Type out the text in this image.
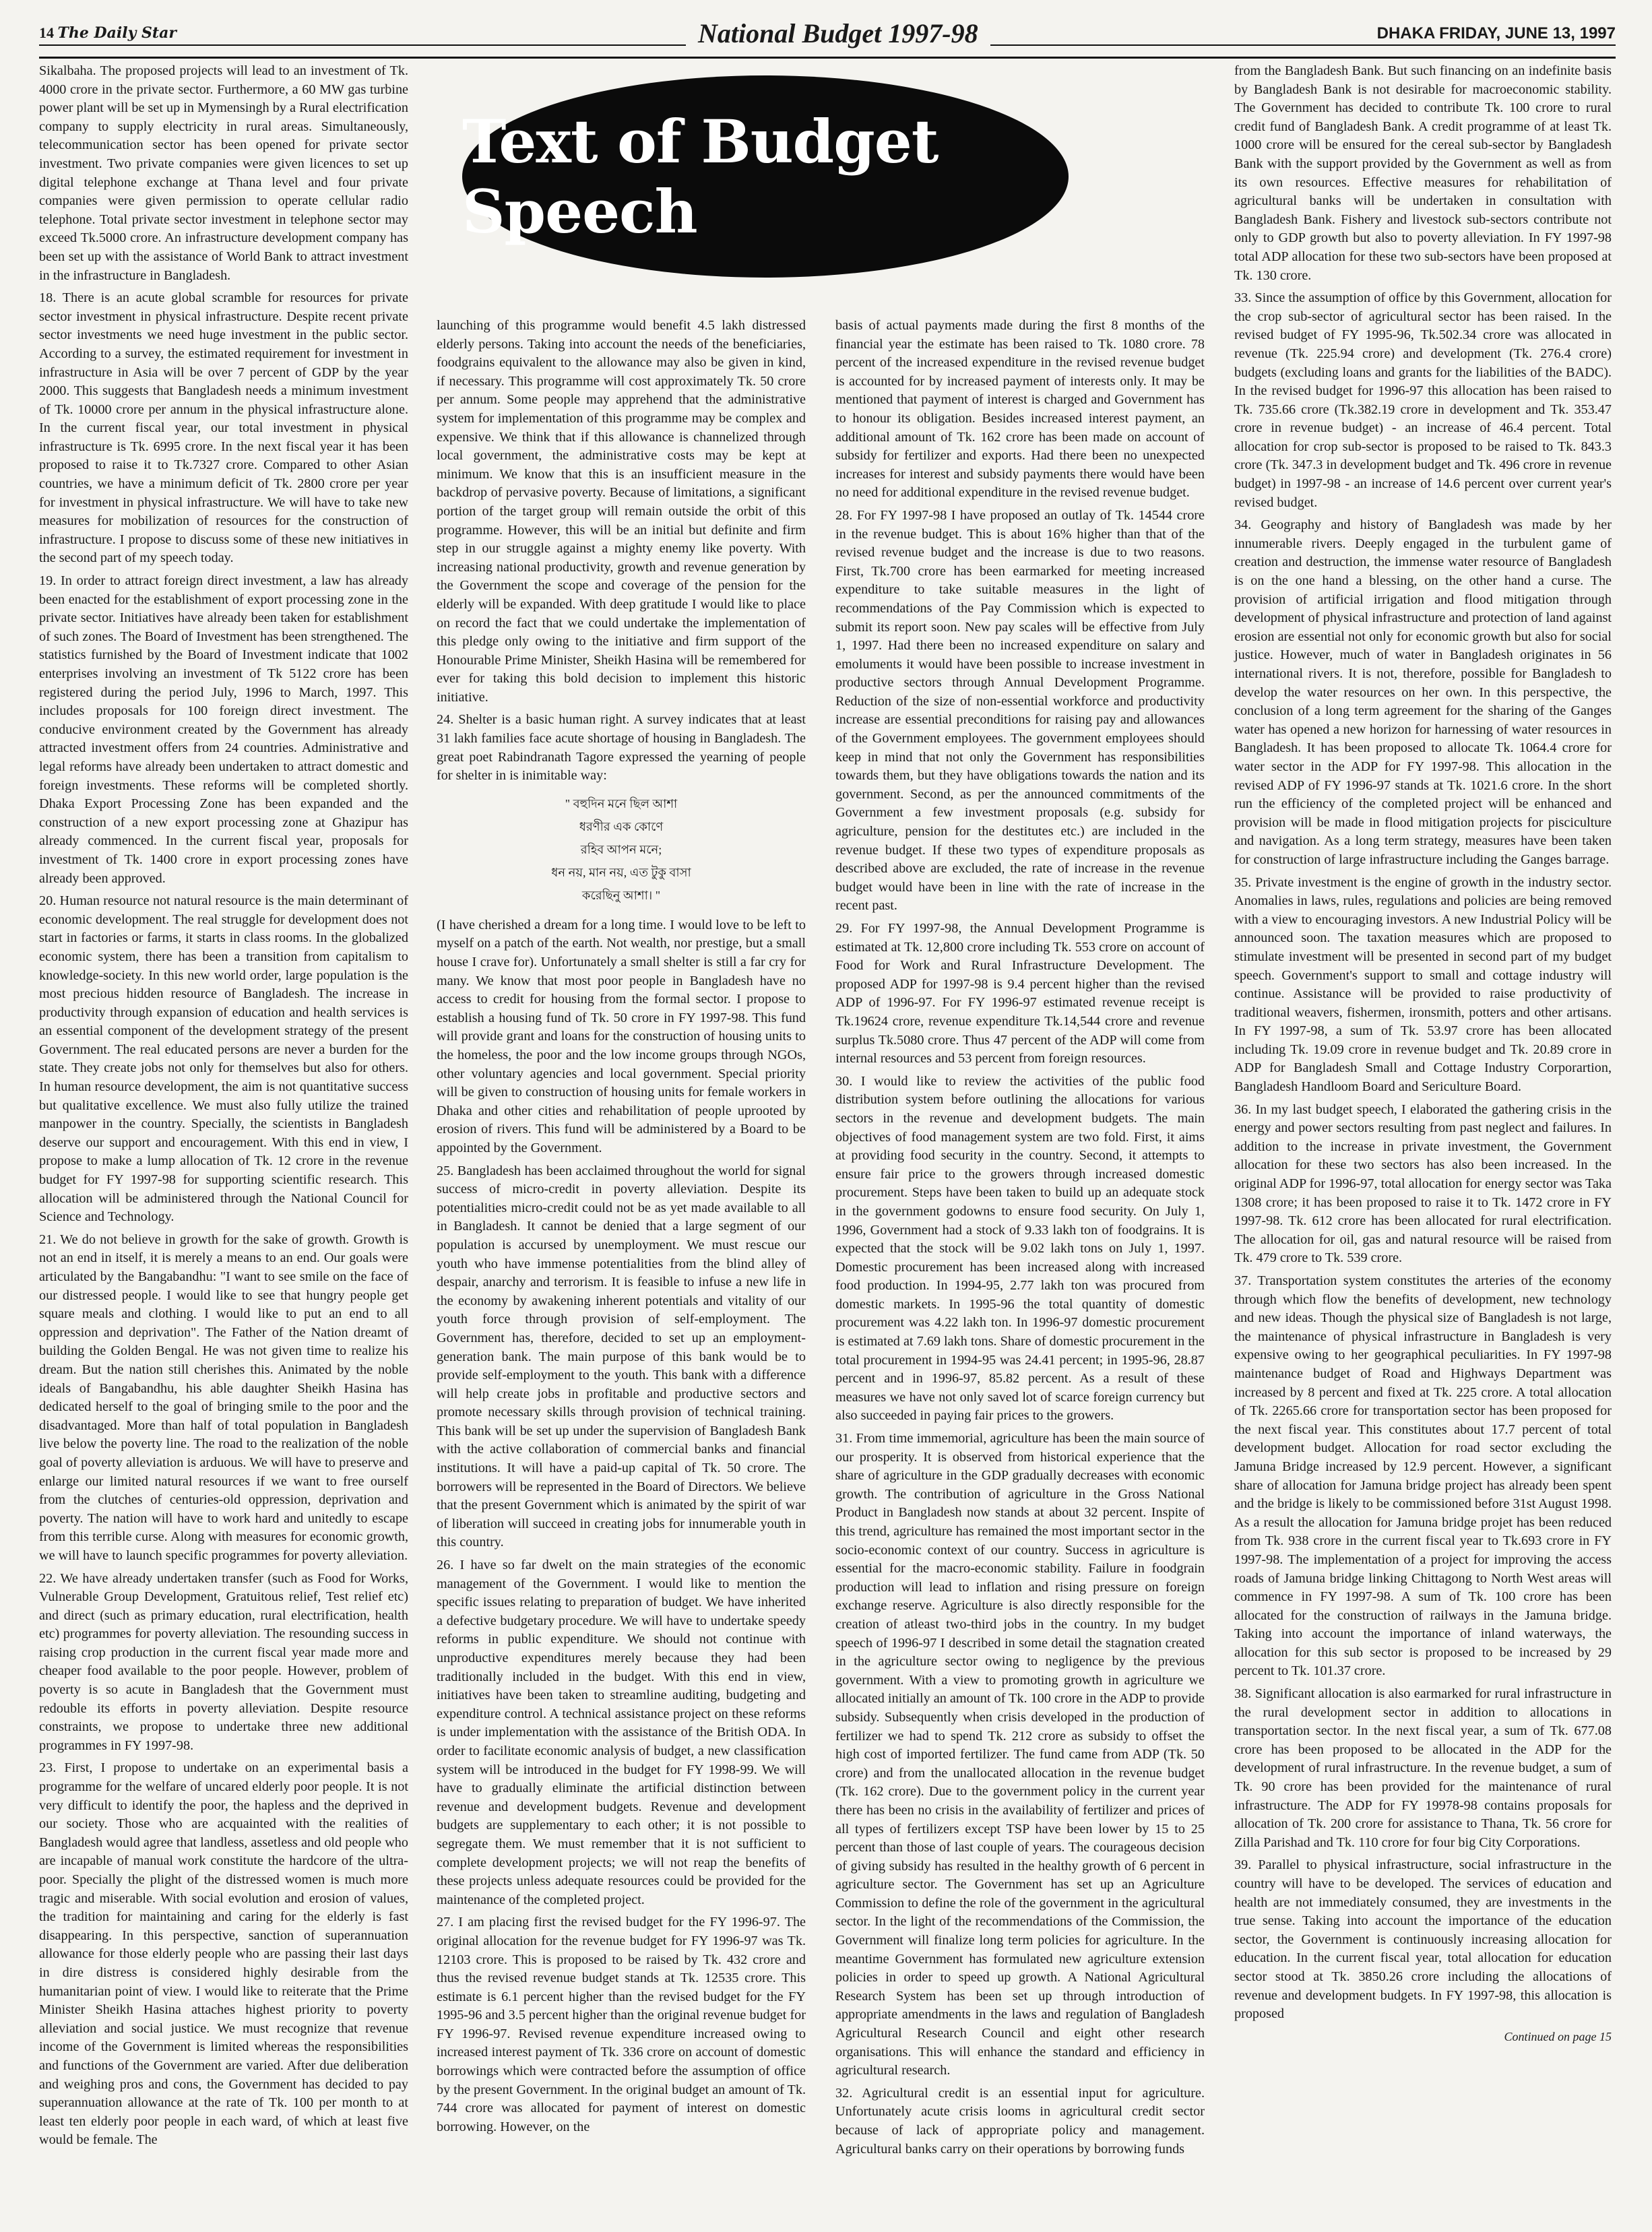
14 The Daily Star	National Budget 1997-98	DHAKA FRIDAY, JUNE 13, 1997
Text of Budget Speech

Sikalbaha. The proposed projects will lead to an investment of Tk. 4000 crore in the private sector. Furthermore, a 60 MW gas turbine power plant will be set up in Mymensingh by a Rural electrification company to supply electricity in rural areas. Simultaneously, telecommunication sector has been opened for private sector investment. Two private companies were given licences to set up digital telephone exchange at Thana level and four private companies were given permission to operate cellular radio telephone. Total private sector investment in telephone sector may exceed Tk.5000 crore. An infrastructure development company has been set up with the assistance of World Bank to attract investment in the infrastructure in Bangladesh.

18. There is an acute global scramble for resources for private sector investment in physical infrastructure. Despite recent private sector investments we need huge investment in the public sector. According to a survey, the estimated requirement for investment in infrastructure in Asia will be over 7 percent of GDP by the year 2000. This suggests that Bangladesh needs a minimum investment of Tk. 10000 crore per annum in the physical infrastructure alone. In the current fiscal year, our total investment in physical infrastructure is Tk. 6995 crore. In the next fiscal year it has been proposed to raise it to Tk.7327 crore. Compared to other Asian countries, we have a minimum deficit of Tk. 2800 crore per year for investment in physical infrastructure. We will have to take new measures for mobilization of resources for the construction of infrastructure. I propose to discuss some of these new initiatives in the second part of my speech today.

19. In order to attract foreign direct investment, a law has already been enacted for the establishment of export processing zone in the private sector. Initiatives have already been taken for establishment of such zones. The Board of Investment has been strengthened. The statistics furnished by the Board of Investment indicate that 1002 enterprises involving an investment of Tk 5122 crore has been registered during the period July, 1996 to March, 1997. This includes proposals for 100 foreign direct investment. The conducive environment created by the Government has already attracted investment offers from 24 countries. Administrative and legal reforms have already been undertaken to attract domestic and foreign investments. These reforms will be completed shortly. Dhaka Export Processing Zone has been expanded and the construction of a new export processing zone at Ghazipur has already commenced. In the current fiscal year, proposals for investment of Tk. 1400 crore in export processing zones have already been approved.

20. Human resource not natural resource is the main determinant of economic development. The real struggle for development does not start in factories or farms, it starts in class rooms. In the globalized economic system, there has been a transition from capitalism to knowledge-society. In this new world order, large population is the most precious hidden resource of Bangladesh. The increase in productivity through expansion of education and health services is an essential component of the development strategy of the present Government. The real educated persons are never a burden for the state. They create jobs not only for themselves but also for others. In human resource development, the aim is not quantitative success but qualitative excellence. We must also fully utilize the trained manpower in the country. Specially, the scientists in Bangladesh deserve our support and encouragement. With this end in view, I propose to make a lump allocation of Tk. 12 crore in the revenue budget for FY 1997-98 for supporting scientific research. This allocation will be administered through the National Council for Science and Technology.

21. We do not believe in growth for the sake of growth. Growth is not an end in itself, it is merely a means to an end. Our goals were articulated by the Bangabandhu: "I want to see smile on the face of our distressed people. I would like to see that hungry people get square meals and clothing. I would like to put an end to all oppression and deprivation". The Father of the Nation dreamt of building the Golden Bengal. He was not given time to realize his dream. But the nation still cherishes this. Animated by the noble ideals of Bangabandhu, his able daughter Sheikh Hasina has dedicated herself to the goal of bringing smile to the poor and the disadvantaged. More than half of total population in Bangladesh live below the poverty line. The road to the realization of the noble goal of poverty alleviation is arduous. We will have to preserve and enlarge our limited natural resources if we want to free ourself from the clutches of centuries-old oppression, deprivation and poverty. The nation will have to work hard and unitedly to escape from this terrible curse. Along with measures for economic growth, we will have to launch specific programmes for poverty alleviation.

22. We have already undertaken transfer (such as Food for Works, Vulnerable Group Development, Gratuitous relief, Test relief etc) and direct (such as primary education, rural electrification, health etc) programmes for poverty alleviation. The resounding success in raising crop production in the current fiscal year made more and cheaper food available to the poor people. However, problem of poverty is so acute in Bangladesh that the Government must redouble its efforts in poverty alleviation. Despite resource constraints, we propose to undertake three new additional programmes in FY 1997-98.

23. First, I propose to undertake on an experimental basis a programme for the welfare of uncared elderly poor people. It is not very difficult to identify the poor, the hapless and the deprived in our society. Those who are acquainted with the realities of Bangladesh would agree that landless, assetless and old people who are incapable of manual work constitute the hardcore of the ultra-poor. Specially the plight of the distressed women is much more tragic and miserable. With social evolution and erosion of values, the tradition for maintaining and caring for the elderly is fast disappearing. In this perspective, sanction of superannuation allowance for those elderly people who are passing their last days in dire distress is considered highly desirable from the humanitarian point of view. I would like to reiterate that the Prime Minister Sheikh Hasina attaches highest priority to poverty alleviation and social justice. We must recognize that revenue income of the Government is limited whereas the responsibilities and functions of the Government are varied. After due deliberation and weighing pros and cons, the Government has decided to pay superannuation allowance at the rate of Tk. 100 per month to at least ten elderly poor people in each ward, of which at least five would be female. The

launching of this programme would benefit 4.5 lakh distressed elderly persons. Taking into account the needs of the beneficiaries, foodgrains equivalent to the allowance may also be given in kind, if necessary. This programme will cost approximately Tk. 50 crore per annum. Some people may apprehend that the administrative system for implementation of this programme may be complex and expensive. We think that if this allowance is channelized through local government, the administrative costs may be kept at minimum. We know that this is an insufficient measure in the backdrop of pervasive poverty. Because of limitations, a significant portion of the target group will remain outside the orbit of this programme. However, this will be an initial but definite and firm step in our struggle against a mighty enemy like poverty. With increasing national productivity, growth and revenue generation by the Government the scope and coverage of the pension for the elderly will be expanded. With deep gratitude I would like to place on record the fact that we could undertake the implementation of this pledge only owing to the initiative and firm support of the Honourable Prime Minister, Sheikh Hasina will be remembered for ever for taking this bold decision to implement this historic initiative.

24. Shelter is a basic human right. A survey indicates that at least 31 lakh families face acute shortage of housing in Bangladesh. The great poet Rabindranath Tagore expressed the yearning of people for shelter in is inimitable way:

" বহুদিন মনে ছিল আশা
ধরণীর এক কোণে
রহিব আপন মনে;
ধন নয়, মান নয়, এত টুকু বাসা
করেছিনু আশা। "

(I have cherished a dream for a long time. I would love to be left to myself on a patch of the earth. Not wealth, nor prestige, but a small house I crave for). Unfortunately a small shelter is still a far cry for many. We know that most poor people in Bangladesh have no access to credit for housing from the formal sector. I propose to establish a housing fund of Tk. 50 crore in FY 1997-98. This fund will provide grant and loans for the construction of housing units to the homeless, the poor and the low income groups through NGOs, other voluntary agencies and local government. Special priority will be given to construction of housing units for female workers in Dhaka and other cities and rehabilitation of people uprooted by erosion of rivers. This fund will be administered by a Board to be appointed by the Government.

25. Bangladesh has been acclaimed throughout the world for signal success of micro-credit in poverty alleviation. Despite its potentialities micro-credit could not be as yet made available to all in Bangladesh. It cannot be denied that a large segment of our population is accursed by unemployment. We must rescue our youth who have immense potentialities from the blind alley of despair, anarchy and terrorism. It is feasible to infuse a new life in the economy by awakening inherent potentials and vitality of our youth force through provision of self-employment. The Government has, therefore, decided to set up an employment-generation bank. The main purpose of this bank would be to provide self-employment to the youth. This bank with a difference will help create jobs in profitable and productive sectors and promote necessary skills through provision of technical training. This bank will be set up under the supervision of Bangladesh Bank with the active collaboration of commercial banks and financial institutions. It will have a paid-up capital of Tk. 50 crore. The borrowers will be represented in the Board of Directors. We believe that the present Government which is animated by the spirit of war of liberation will succeed in creating jobs for innumerable youth in this country.

26. I have so far dwelt on the main strategies of the economic management of the Government. I would like to mention the specific issues relating to preparation of budget. We have inherited a defective budgetary procedure. We will have to undertake speedy reforms in public expenditure. We should not continue with unproductive expenditures merely because they had been traditionally included in the budget. With this end in view, initiatives have been taken to streamline auditing, budgeting and expenditure control. A technical assistance project on these reforms is under implementation with the assistance of the British ODA. In order to facilitate economic analysis of budget, a new classification system will be introduced in the budget for FY 1998-99. We will have to gradually eliminate the artificial distinction between revenue and development budgets. Revenue and development budgets are supplementary to each other; it is not possible to segregate them. We must remember that it is not sufficient to complete development projects; we will not reap the benefits of these projects unless adequate resources could be provided for the maintenance of the completed project.

27. I am placing first the revised budget for the FY 1996-97. The original allocation for the revenue budget for FY 1996-97 was Tk. 12103 crore. This is proposed to be raised by Tk. 432 crore and thus the revised revenue budget stands at Tk. 12535 crore. This estimate is 6.1 percent higher than the revised budget for the FY 1995-96 and 3.5 percent higher than the original revenue budget for FY 1996-97. Revised revenue expenditure increased owing to increased interest payment of Tk. 336 crore on account of domestic borrowings which were contracted before the assumption of office by the present Government. In the original budget an amount of Tk. 744 crore was allocated for payment of interest on domestic borrowing. However, on the

basis of actual payments made during the first 8 months of the financial year the estimate has been raised to Tk. 1080 crore. 78 percent of the increased expenditure in the revised revenue budget is accounted for by increased payment of interests only. It may be mentioned that payment of interest is charged and Government has to honour its obligation. Besides increased interest payment, an additional amount of Tk. 162 crore has been made on account of subsidy for fertilizer and exports. Had there been no unexpected increases for interest and subsidy payments there would have been no need for additional expenditure in the revised revenue budget.

28. For FY 1997-98 I have proposed an outlay of Tk. 14544 crore in the revenue budget. This is about 16% higher than that of the revised revenue budget and the increase is due to two reasons. First, Tk.700 crore has been earmarked for meeting increased expenditure to take suitable measures in the light of recommendations of the Pay Commission which is expected to submit its report soon. New pay scales will be effective from July 1, 1997. Had there been no increased expenditure on salary and emoluments it would have been possible to increase investment in productive sectors through Annual Development Programme. Reduction of the size of non-essential workforce and productivity increase are essential preconditions for raising pay and allowances of the Government employees. The government employees should keep in mind that not only the Government has responsibilities towards them, but they have obligations towards the nation and its government. Second, as per the announced commitments of the Government a few investment proposals (e.g. subsidy for agriculture, pension for the destitutes etc.) are included in the revenue budget. If these two types of expenditure proposals as described above are excluded, the rate of increase in the revenue budget would have been in line with the rate of increase in the recent past.

29. For FY 1997-98, the Annual Development Programme is estimated at Tk. 12,800 crore including Tk. 553 crore on account of Food for Work and Rural Infrastructure Development. The proposed ADP for 1997-98 is 9.4 percent higher than the revised ADP of 1996-97. For FY 1996-97 estimated revenue receipt is Tk.19624 crore, revenue expenditure Tk.14,544 crore and revenue surplus Tk.5080 crore. Thus 47 percent of the ADP will come from internal resources and 53 percent from foreign resources.

30. I would like to review the activities of the public food distribution system before outlining the allocations for various sectors in the revenue and development budgets. The main objectives of food management system are two fold. First, it aims at providing food security in the country. Second, it attempts to ensure fair price to the growers through increased domestic procurement. Steps have been taken to build up an adequate stock in the government godowns to ensure food security. On July 1, 1996, Government had a stock of 9.33 lakh ton of foodgrains. It is expected that the stock will be 9.02 lakh tons on July 1, 1997. Domestic procurement has been increased along with increased food production. In 1994-95, 2.77 lakh ton was procured from domestic markets. In 1995-96 the total quantity of domestic procurement was 4.22 lakh ton. In 1996-97 domestic procurement is estimated at 7.69 lakh tons. Share of domestic procurement in the total procurement in 1994-95 was 24.41 percent; in 1995-96, 28.87 percent and in 1996-97, 85.82 percent. As a result of these measures we have not only saved lot of scarce foreign currency but also succeeded in paying fair prices to the growers.

31. From time immemorial, agriculture has been the main source of our prosperity. It is observed from historical experience that the share of agriculture in the GDP gradually decreases with economic growth. The contribution of agriculture in the Gross National Product in Bangladesh now stands at about 32 percent. Inspite of this trend, agriculture has remained the most important sector in the socio-economic context of our country. Success in agriculture is essential for the macro-economic stability. Failure in foodgrain production will lead to inflation and rising pressure on foreign exchange reserve. Agriculture is also directly responsible for the creation of atleast two-third jobs in the country. In my budget speech of 1996-97 I described in some detail the stagnation created in the agriculture sector owing to negligence by the previous government. With a view to promoting growth in agriculture we allocated initially an amount of Tk. 100 crore in the ADP to provide subsidy. Subsequently when crisis developed in the production of fertilizer we had to spend Tk. 212 crore as subsidy to offset the high cost of imported fertilizer. The fund came from ADP (Tk. 50 crore) and from the unallocated allocation in the revenue budget (Tk. 162 crore). Due to the government policy in the current year there has been no crisis in the availability of fertilizer and prices of all types of fertilizers except TSP have been lower by 15 to 25 percent than those of last couple of years. The courageous decision of giving subsidy has resulted in the healthy growth of 6 percent in agriculture sector. The Government has set up an Agriculture Commission to define the role of the government in the agricultural sector. In the light of the recommendations of the Commission, the Government will finalize long term policies for agriculture. In the meantime Government has formulated new agriculture extension policies in order to speed up growth. A National Agricultural Research System has been set up through introduction of appropriate amendments in the laws and regulation of Bangladesh Agricultural Research Council and eight other research organisations. This will enhance the standard and efficiency in agricultural research.

32. Agricultural credit is an essential input for agriculture. Unfortunately acute crisis looms in agricultural credit sector because of lack of appropriate policy and management. Agricultural banks carry on their operations by borrowing funds

from the Bangladesh Bank. But such financing on an indefinite basis by Bangladesh Bank is not desirable for macroeconomic stability. The Government has decided to contribute Tk. 100 crore to rural credit fund of Bangladesh Bank. A credit programme of at least Tk. 1000 crore will be ensured for the cereal sub-sector by Bangladesh Bank with the support provided by the Government as well as from its own resources. Effective measures for rehabilitation of agricultural banks will be undertaken in consultation with Bangladesh Bank. Fishery and livestock sub-sectors contribute not only to GDP growth but also to poverty alleviation. In FY 1997-98 total ADP allocation for these two sub-sectors have been proposed at Tk. 130 crore.

33. Since the assumption of office by this Government, allocation for the crop sub-sector of agricultural sector has been raised. In the revised budget of FY 1995-96, Tk.502.34 crore was allocated in revenue (Tk. 225.94 crore) and development (Tk. 276.4 crore) budgets (excluding loans and grants for the liabilities of the BADC). In the revised budget for 1996-97 this allocation has been raised to Tk. 735.66 crore (Tk.382.19 crore in development and Tk. 353.47 crore in revenue budget) - an increase of 46.4 percent. Total allocation for crop sub-sector is proposed to be raised to Tk. 843.3 crore (Tk. 347.3 in development budget and Tk. 496 crore in revenue budget) in 1997-98 - an increase of 14.6 percent over current year's revised budget.

34. Geography and history of Bangladesh was made by her innumerable rivers. Deeply engaged in the turbulent game of creation and destruction, the immense water resource of Bangladesh is on the one hand a blessing, on the other hand a curse. The provision of artificial irrigation and flood mitigation through development of physical infrastructure and protection of land against erosion are essential not only for economic growth but also for social justice. However, much of water in Bangladesh originates in 56 international rivers. It is not, therefore, possible for Bangladesh to develop the water resources on her own. In this perspective, the conclusion of a long term agreement for the sharing of the Ganges water has opened a new horizon for harnessing of water resources in Bangladesh. It has been proposed to allocate Tk. 1064.4 crore for water sector in the ADP for FY 1997-98. This allocation in the revised ADP of FY 1996-97 stands at Tk. 1021.6 crore. In the short run the efficiency of the completed project will be enhanced and provision will be made in flood mitigation projects for pisciculture and navigation. As a long term strategy, measures have been taken for construction of large infrastructure including the Ganges barrage.

35. Private investment is the engine of growth in the industry sector. Anomalies in laws, rules, regulations and policies are being removed with a view to encouraging investors. A new Industrial Policy will be announced soon. The taxation measures which are proposed to stimulate investment will be presented in second part of my budget speech. Government's support to small and cottage industry will continue. Assistance will be provided to raise productivity of traditional weavers, fishermen, ironsmith, potters and other artisans. In FY 1997-98, a sum of Tk. 53.97 crore has been allocated including Tk. 19.09 crore in revenue budget and Tk. 20.89 crore in ADP for Bangladesh Small and Cottage Industry Corporartion, Bangladesh Handloom Board and Sericulture Board.

36. In my last budget speech, I elaborated the gathering crisis in the energy and power sectors resulting from past neglect and failures. In addition to the increase in private investment, the Government allocation for these two sectors has also been increased. In the original ADP for 1996-97, total allocation for energy sector was Taka 1308 crore; it has been proposed to raise it to Tk. 1472 crore in FY 1997-98. Tk. 612 crore has been allocated for rural electrification. The allocation for oil, gas and natural resource will be raised from Tk. 479 crore to Tk. 539 crore.

37. Transportation system constitutes the arteries of the economy through which flow the benefits of development, new technology and new ideas. Though the physical size of Bangladesh is not large, the maintenance of physical infrastructure in Bangladesh is very expensive owing to her geographical peculiarities. In FY 1997-98 maintenance budget of Road and Highways Department was increased by 8 percent and fixed at Tk. 225 crore. A total allocation of Tk. 2265.66 crore for transportation sector has been proposed for the next fiscal year. This constitutes about 17.7 percent of total development budget. Allocation for road sector excluding the Jamuna Bridge increased by 12.9 percent. However, a significant share of allocation for Jamuna bridge project has already been spent and the bridge is likely to be commissioned before 31st August 1998. As a result the allocation for Jamuna bridge projet has been reduced from Tk. 938 crore in the current fiscal year to Tk.693 crore in FY 1997-98. The implementation of a project for improving the access roads of Jamuna bridge linking Chittagong to North West areas will commence in FY 1997-98. A sum of Tk. 100 crore has been allocated for the construction of railways in the Jamuna bridge. Taking into account the importance of inland waterways, the allocation for this sub sector is proposed to be increased by 29 percent to Tk. 101.37 crore.

38. Significant allocation is also earmarked for rural infrastructure in the rural development sector in addition to allocations in transportation sector. In the next fiscal year, a sum of Tk. 677.08 crore has been proposed to be allocated in the ADP for the development of rural infrastructure. In the revenue budget, a sum of Tk. 90 crore has been provided for the maintenance of rural infrastructure. The ADP for FY 19978-98 contains proposals for allocation of Tk. 200 crore for assistance to Thana, Tk. 56 crore for Zilla Parishad and Tk. 110 crore for four big City Corporations.

39. Parallel to physical infrastructure, social infrastructure in the country will have to be developed. The services of education and health are not immediately consumed, they are investments in the true sense. Taking into account the importance of the education sector, the Government is continuously increasing allocation for education. In the current fiscal year, total allocation for education sector stood at Tk. 3850.26 crore including the allocations of revenue and development budgets. In FY 1997-98, this allocation is proposed

Continued on page 15
